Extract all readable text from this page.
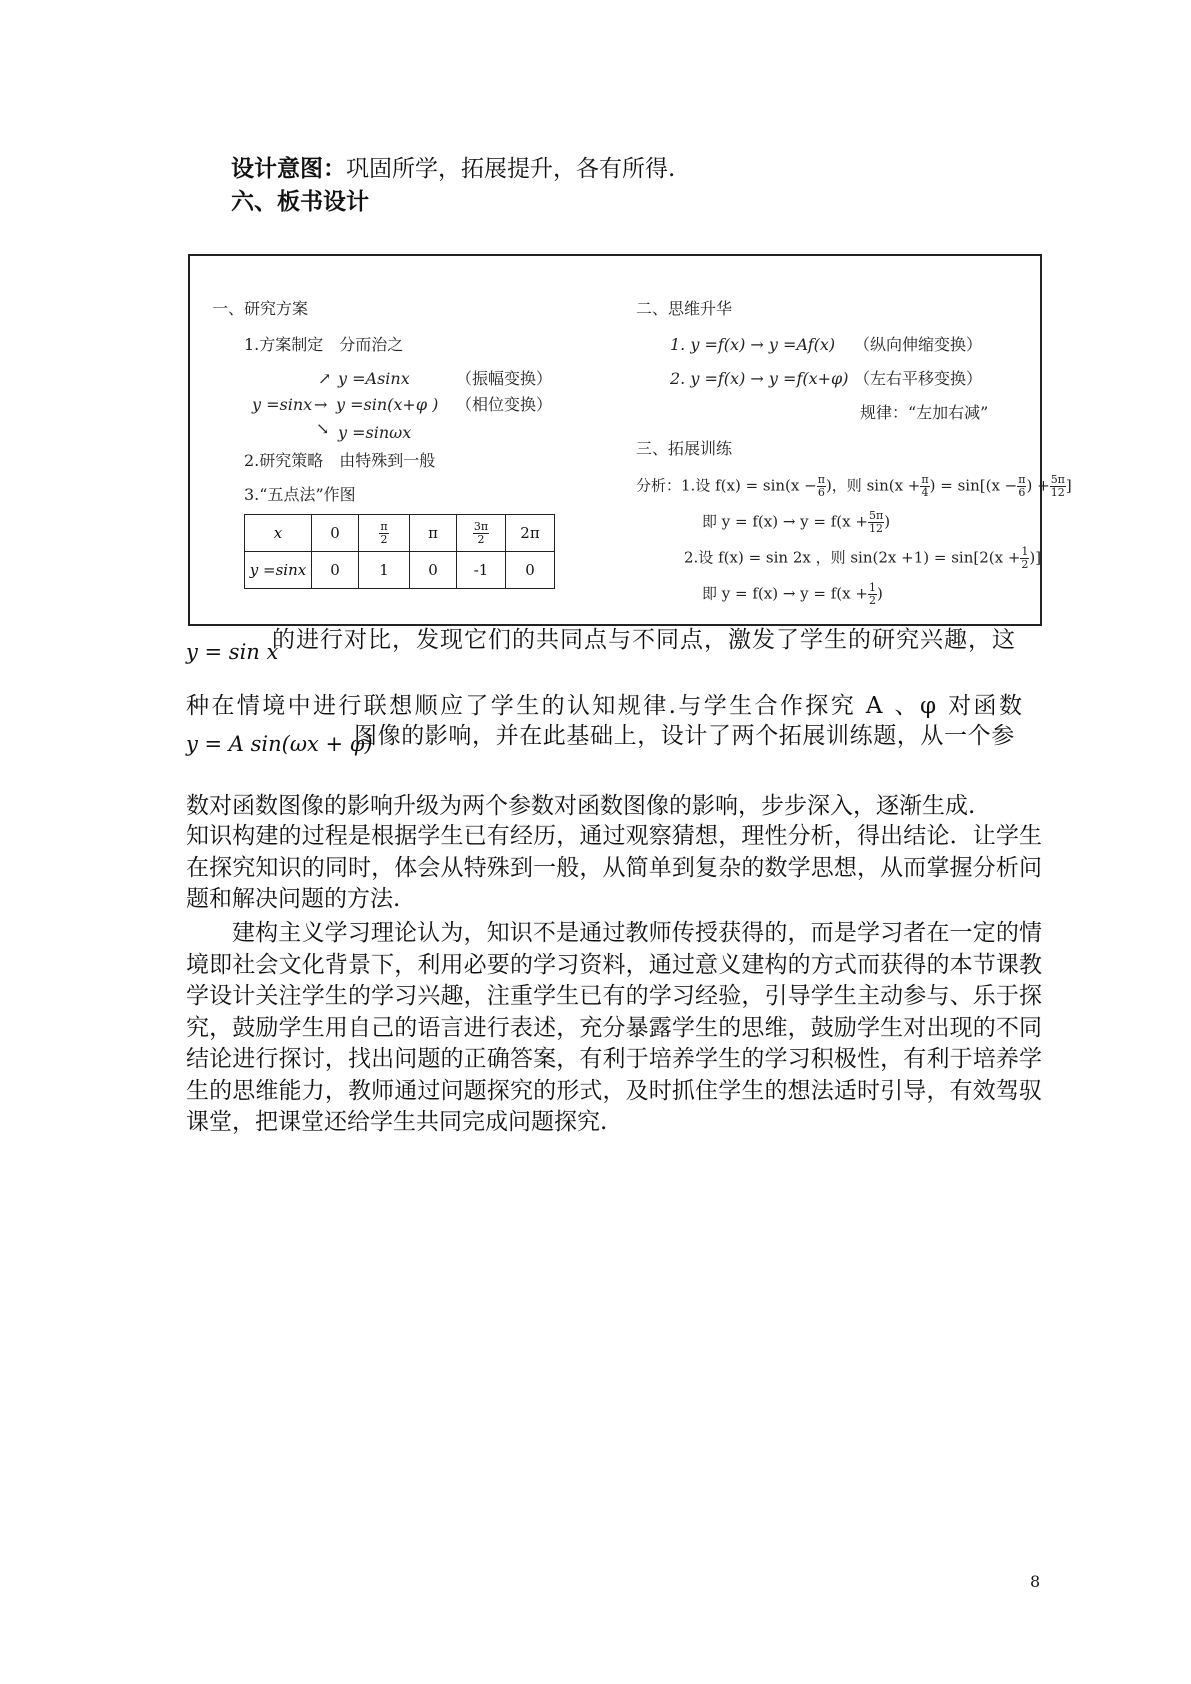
设计意图：巩固所学，拓展提升，各有所得.
六、板书设计
一、研究方案
1.方案制定　分而治之
↗ y =Asinx	（振幅变换）
y =sinx → y =sin(x+φ ) （相位变换）
↘ y =sinωx
2.研究策略　由特殊到一般
3.“五点法”作图
x	0	$\frac{\pi}{2}$	π	$\frac{3\pi}{2}$	2π
y =sinx	0	1	0	-1	0
二、思维升华
1. y =f(x) → y =Af(x) （纵向伸缩变换）
2. y =f(x) → y =f(x+φ) （左右平移变换）
规律：“左加右减”
三、拓展训练
分析：1.设 $f(x) = \sin(x - \frac{\pi}{6}$ )，则 $\sin(x + \frac{\pi}{4}$ ) = $\sin[(x - \frac{\pi}{6}$ ) + $\frac{5\pi}{12}$ ]
即 $y = f(x) \to y = f(x + \frac{5\pi}{12}$ )
2.设 f(x) = sin 2x ，则 $\sin(2x +1) = \sin[2(x + \frac{1}{2}$ )]
即 $y = f(x) \to y = f(x + \frac{1}{2}$ )
y = sin x
的进行对比，发现它们的共同点与不同点，激发了学生的研究兴趣，这
种在情境中进行联想顺应了学生的认知规律.与学生合作探究 A 、φ 对函数
y = A sin(ωx + φ)
图像的影响，并在此基础上，设计了两个拓展训练题，从一个参
数对函数图像的影响升级为两个参数对函数图像的影响，步步深入，逐渐生成.
知识构建的过程是根据学生已有经历，通过观察猜想，理性分析，得出结论．让学生在探究知识的同时，体会从特殊到一般，从简单到复杂的数学思想，从而掌握分析问题和解决问题的方法.
建构主义学习理论认为，知识不是通过教师传授获得的，而是学习者在一定的情境即社会文化背景下，利用必要的学习资料，通过意义建构的方式而获得的本节课教学设计关注学生的学习兴趣，注重学生已有的学习经验，引导学生主动参与、乐于探究，鼓励学生用自己的语言进行表述，充分暴露学生的思维，鼓励学生对出现的不同结论进行探讨，找出问题的正确答案，有利于培养学生的学习积极性，有利于培养学生的思维能力，教师通过问题探究的形式，及时抓住学生的想法适时引导，有效驾驭课堂，把课堂还给学生共同完成问题探究.
8
